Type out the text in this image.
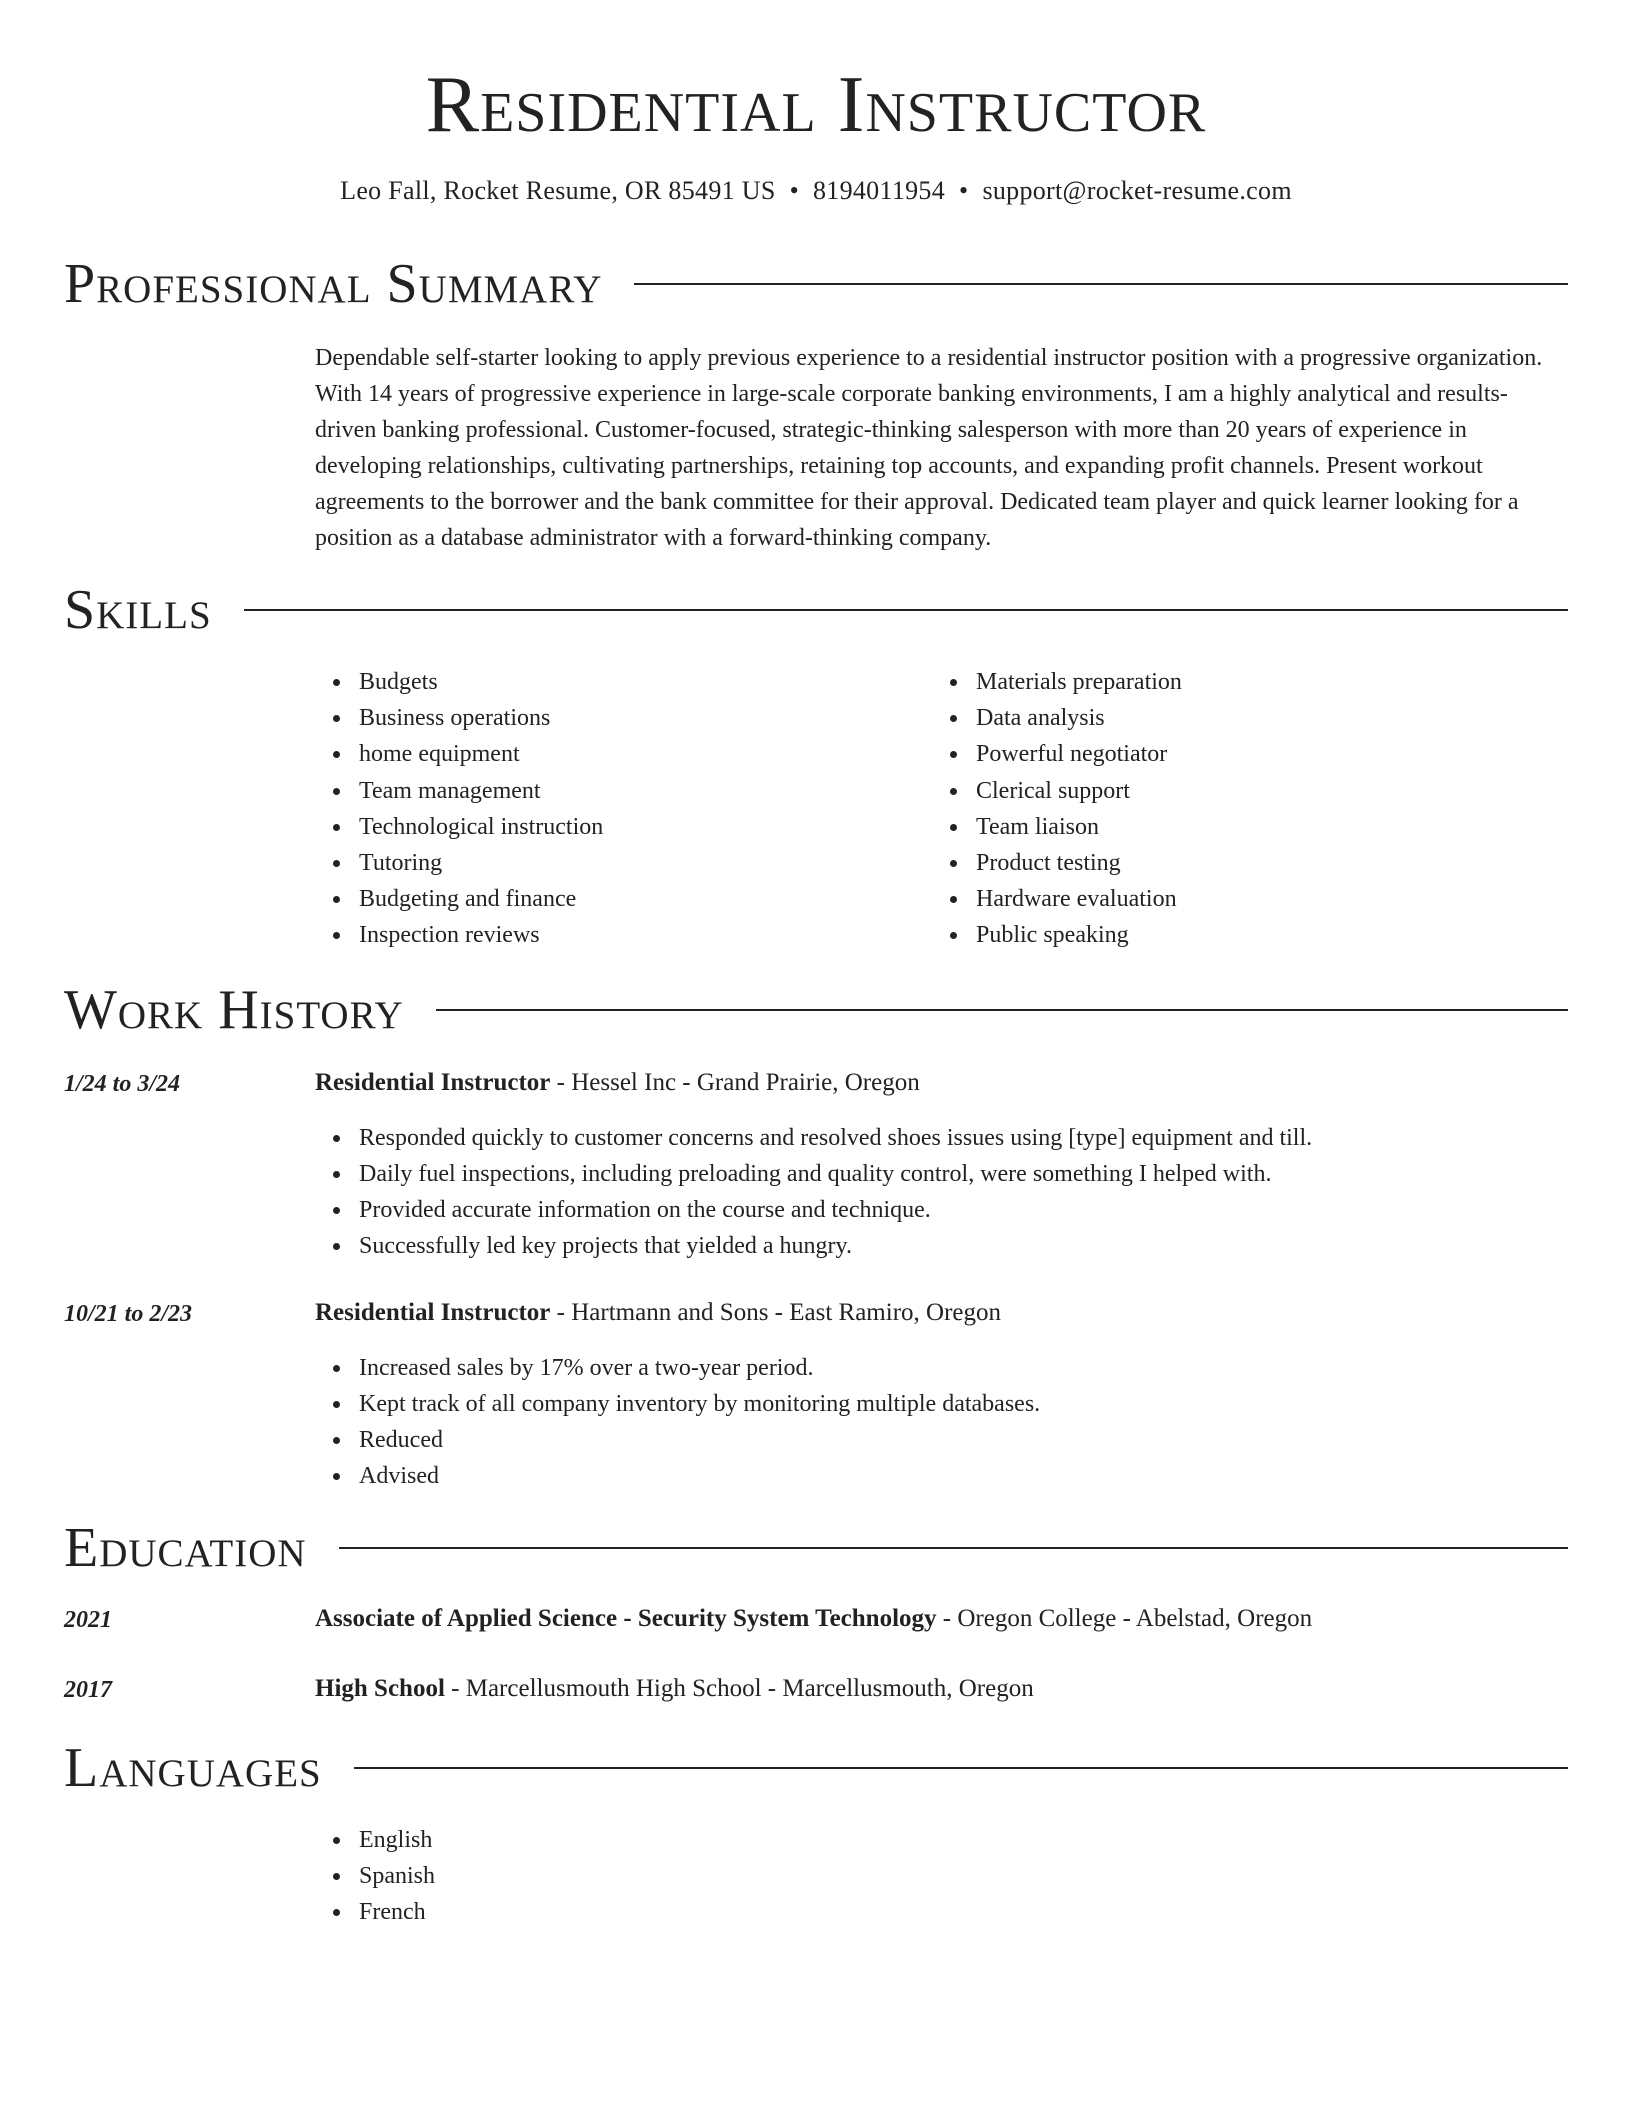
Residential Instructor
Leo Fall, Rocket Resume, OR 85491 US • 8194011954 • support@rocket-resume.com
Professional Summary
Dependable self-starter looking to apply previous experience to a residential instructor position with a progressive organization. With 14 years of progressive experience in large-scale corporate banking environments, I am a highly analytical and results-driven banking professional. Customer-focused, strategic-thinking salesperson with more than 20 years of experience in developing relationships, cultivating partnerships, retaining top accounts, and expanding profit channels. Present workout agreements to the borrower and the bank committee for their approval. Dedicated team player and quick learner looking for a position as a database administrator with a forward-thinking company.
Skills
Budgets
Business operations
home equipment
Team management
Technological instruction
Tutoring
Budgeting and finance
Inspection reviews
Materials preparation
Data analysis
Powerful negotiator
Clerical support
Team liaison
Product testing
Hardware evaluation
Public speaking
Work History
1/24 to 3/24	Residential Instructor - Hessel Inc - Grand Prairie, Oregon
Responded quickly to customer concerns and resolved shoes issues using [type] equipment and till.
Daily fuel inspections, including preloading and quality control, were something I helped with.
Provided accurate information on the course and technique.
Successfully led key projects that yielded a hungry.
10/21 to 2/23	Residential Instructor - Hartmann and Sons - East Ramiro, Oregon
Increased sales by 17% over a two-year period.
Kept track of all company inventory by monitoring multiple databases.
Reduced
Advised
Education
2021	Associate of Applied Science - Security System Technology - Oregon College - Abelstad, Oregon
2017	High School - Marcellusmouth High School - Marcellusmouth, Oregon
Languages
English
Spanish
French
